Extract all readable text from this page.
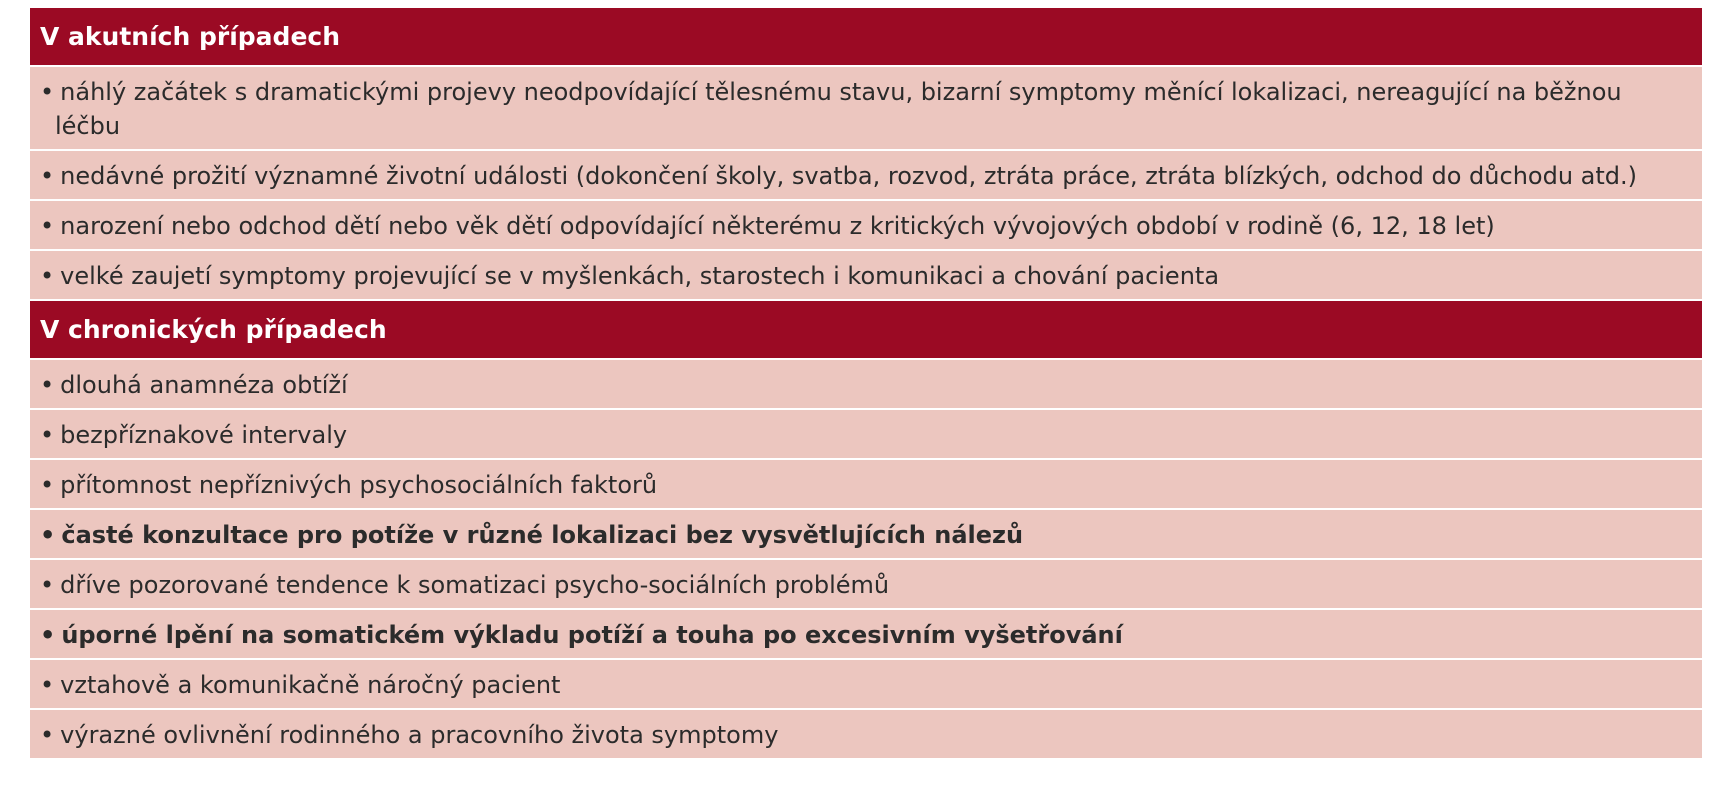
V akutních případech
• náhlý začátek s dramatickými projevy neodpovídající tělesnému stavu, bizarní symptomy měnící lokalizaci, nereagující na běžnou léčbu
• nedávné prožití významné životní události (dokončení školy, svatba, rozvod, ztráta práce, ztráta blízkých, odchod do důchodu atd.)
• narození nebo odchod dětí nebo věk dětí odpovídající některému z kritických vývojových období v rodině (6, 12, 18 let)
• velké zaujetí symptomy projevující se v myšlenkách, starostech i komunikaci a chování pacienta
V chronických případech
• dlouhá anamnéza obtíží
• bezpříznakové intervaly
• přítomnost nepříznivých psychosociálních faktorů
• časté konzultace pro potíže v různé lokalizaci bez vysvětlujících nálezů
• dříve pozorované tendence k somatizaci psycho-sociálních problémů
• úporné lpění na somatickém výkladu potíží a touha po excesivním vyšetřování
• vztahově a komunikačně náročný pacient
• výrazné ovlivnění rodinného a pracovního života symptomy
